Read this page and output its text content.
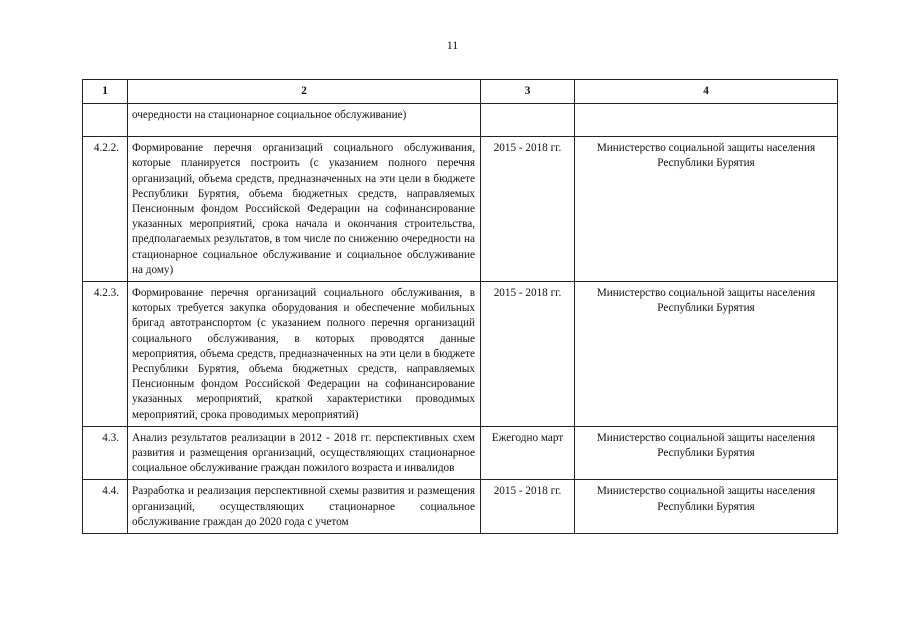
11
1	2	3	4
	очередности на стационарное социальное обслуживание)		
4.2.2.	Формирование перечня организаций социального обслуживания, которые планируется построить (с указанием полного перечня организаций, объема средств, предназначенных на эти цели в бюджете Республики Бурятия, объема бюджетных средств, направляемых Пенсионным фондом Российской Федерации на софинансирование указанных мероприятий, срока начала и окончания строительства, предполагаемых результатов, в том числе по снижению очередности на стационарное социальное обслуживание и социальное обслуживание на дому)	2015 - 2018 гг.	Министерство социальной защиты населения Республики Бурятия
4.2.3.	Формирование перечня организаций социального обслуживания, в которых требуется закупка оборудования и обеспечение мобильных бригад автотранспортом (с указанием полного перечня организаций социального обслуживания, в которых проводятся данные мероприятия, объема средств, предназначенных на эти цели в бюджете Республики Бурятия, объема бюджетных средств, направляемых Пенсионным фондом Российской Федерации на софинансирование указанных мероприятий, краткой характеристики проводимых мероприятий, срока проводимых мероприятий)	2015 - 2018 гг.	Министерство социальной защиты населения Республики Бурятия
4.3.	Анализ результатов реализации в 2012 - 2018 гг. перспективных схем развития и размещения организаций, осуществляющих стационарное социальное обслуживание граждан пожилого возраста и инвалидов	Ежегодно март	Министерство социальной защиты населения Республики Бурятия
4.4.	Разработка и реализация перспективной схемы развития и размещения организаций, осуществляющих стационарное социальное обслуживание граждан до 2020 года с учетом	2015 - 2018 гг.	Министерство социальной защиты населения Республики Бурятия
